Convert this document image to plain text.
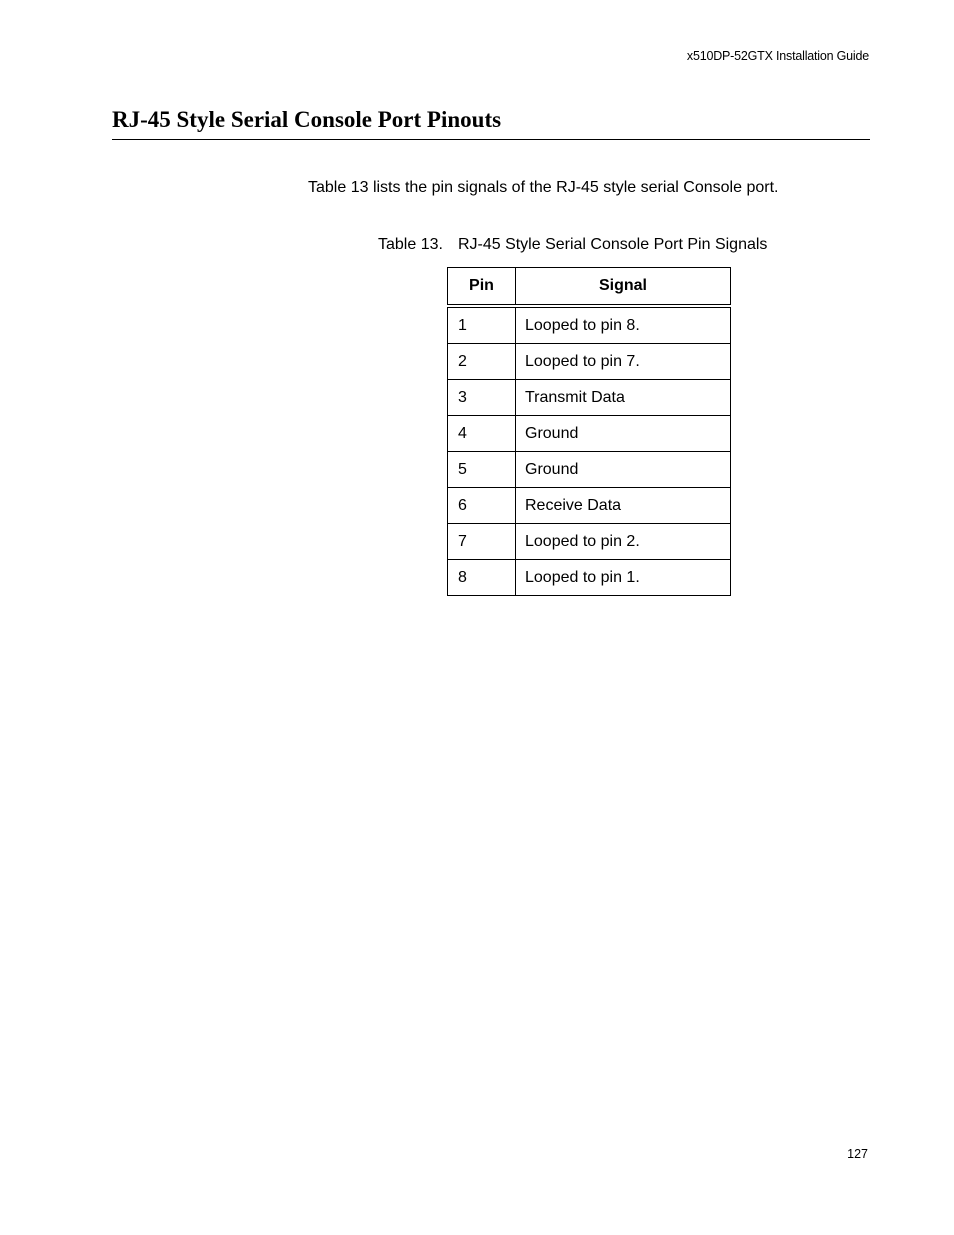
x510DP-52GTX Installation Guide
RJ-45 Style Serial Console Port Pinouts

Table 13 lists the pin signals of the RJ-45 style serial Console port.

Table 13. RJ-45 Style Serial Console Port Pin Signals

Pin	Signal
1	Looped to pin 8.
2	Looped to pin 7.
3	Transmit Data
4	Ground
5	Ground
6	Receive Data
7	Looped to pin 2.
8	Looped to pin 1.
127
